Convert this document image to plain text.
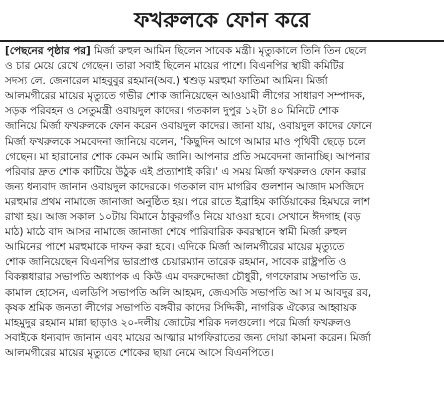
ফখরুলকে ফোন করে
[পেছনের পৃষ্ঠার পর] মির্জা রুহুল আমিন ছিলেন সাবেক মন্ত্রী। মৃত্যুকালে তিনি তিন ছেলে
ও চার মেয়ে রেখে গেছেন। তারা সবাই ছিলেন মায়ের পাশে। বিএনপির স্থায়ী কমিটির
সদস্য লে. জেনারেল মাহবুবুর রহমান(অব.) শ্বশুড় মরহুমা ফাতিমা আমিন। মির্জা
আলমগীরের মায়ের মৃত্যুতে গভীর শোক জানিয়েছেন আওয়ামী লীগের সাধারণ সম্পাদক,
সড়ক পরিবহন ও সেতুমন্ত্রী ওবায়দুল কাদের। গতকাল দুপুর ১২টা ৪০ মিনিটে শোক
জানিয়ে মির্জা ফখরুলকে ফোন করেন ওবায়দুল কাদের। জানা যায়, ওবায়দুল কাদের ফোনে
মির্জা ফখরুলকে সমবেদনা জানিয়ে বলেন, 'কিছুদিন আগে আমার মাও পৃথিবী ছেড়ে চলে
গেছেন। মা হারানোর শোক কেমন আমি জানি। আপনার প্রতি সমবেদনা জানাচ্ছি। আপনার
পরিবার দ্রুত শোক কাটিয়ে উঠুক এই প্রত্যাশাই করি।' এ সময় মির্জা ফখরুলও ফোন করার
জন্য ধন্যবাদ জানান ওবায়দুল কাদেরকে। গতকাল বাদ মাগরিব গুলশান আজাদ মসজিদে
মরহুমার প্রথম নামাজে জানাজা অনুষ্ঠিত হয়। পরে রাতে ইব্রাহিম কার্ডিয়াকের হিমঘরে লাশ
রাখা হয়। আজ সকাল ১০টায় বিমানে ঠাকুরগাঁও নিয়ে যাওয়া হবে। সেখানে ঈদগাহ (বড়
মাঠ) মাঠে বাদ আসর নামাজে জানাজা শেষে পারিবারিক কবরস্থানে স্বামী মির্জা রুহুল
আমিনের পাশে মরহুমাকে দাফন করা হবে। এদিকে মির্জা আলমগীরের মায়ের মৃত্যুতে
শোক জানিয়েছেন বিএনপির ভারপ্রাপ্ত চেয়ারম্যান তারেক রহমান, সাবেক রাষ্ট্রপতি ও
বিকল্পধারার সভাপতি অধ্যাপক এ কিউ এম বদরুদ্দোজা চৌধুরী, গণফোরাম সভাপতি ড.
কামাল হোসেন, এলডিপি সভাপতি অলি আহমদ, জেএসডি সভাপতি আ স ম আবদুর রব,
কৃষক শ্রমিক জনতা লীগের সভাপতি বঙ্গবীর কাদের সিদ্দিকী, নাগরিক ঐক্যের আহ্বায়ক
মাহমুদুর রহমান মান্না ছাড়াও ২০-দলীয় জোটের শরিক দলগুলো। পরে মির্জা ফখরুলও
সবাইকে ধন্যবাদ জানান এবং মায়ের আত্মার মাগফিরাতের জন্য দোয়া কামনা করেন। মির্জা
আলমগীরের মায়ের মৃত্যুতে শোকের ছায়া নেমে আসে বিএনপিতে।
